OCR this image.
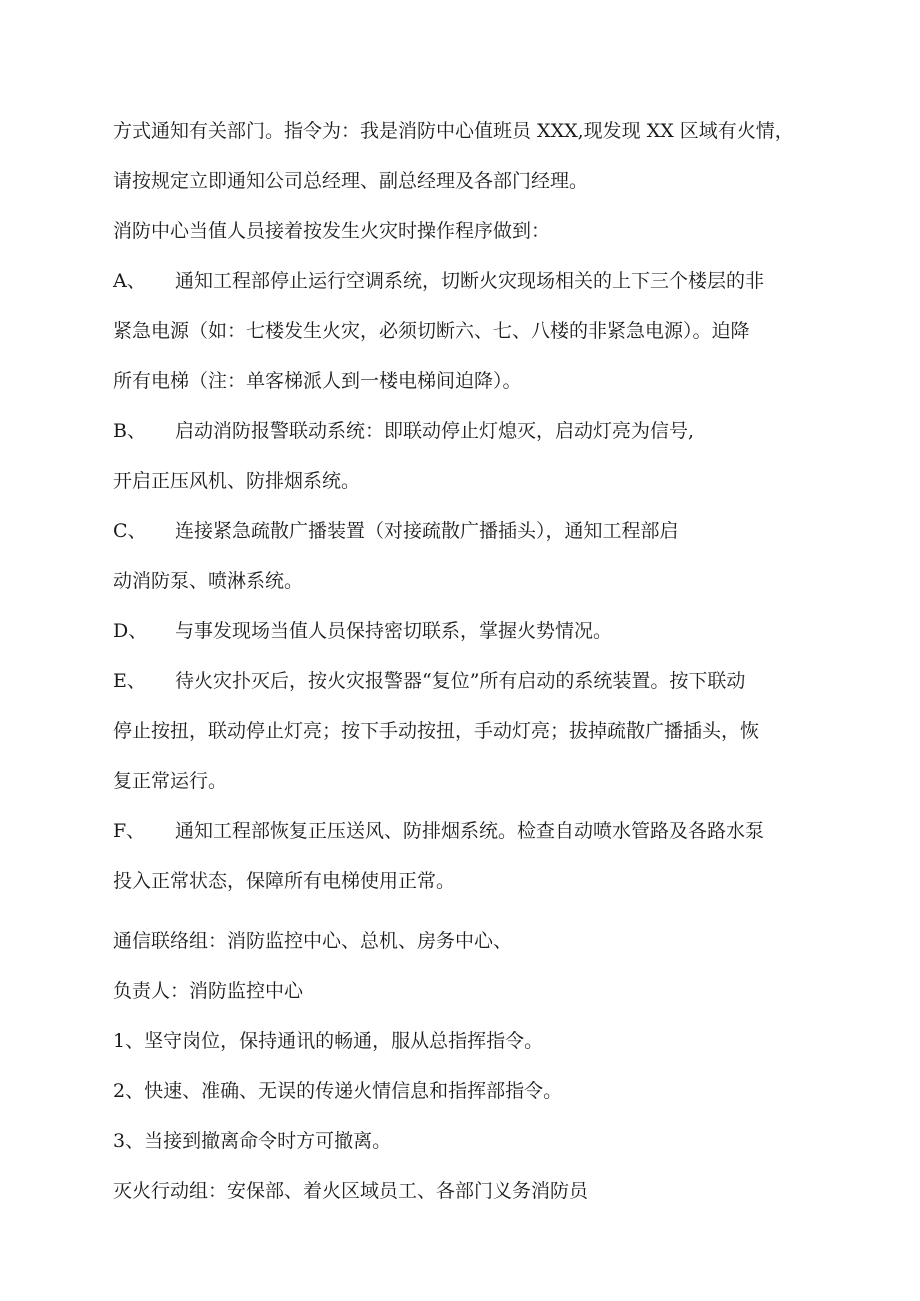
方式通知有关部门。指令为：我是消防中心值班员 XXX,现发现 XX 区域有火情，
请按规定立即通知公司总经理、副总经理及各部门经理。
消防中心当值人员接着按发生火灾时操作程序做到：
A、 通知工程部停止运行空调系统，切断火灾现场相关的上下三个楼层的非
紧急电源（如：七楼发生火灾，必须切断六、七、八楼的非紧急电源）。迫降
所有电梯（注：单客梯派人到一楼电梯间迫降）。
B、 启动消防报警联动系统：即联动停止灯熄灭，启动灯亮为信号,
开启正压风机、防排烟系统。
C、 连接紧急疏散广播装置（对接疏散广播插头），通知工程部启
动消防泵、喷淋系统。
D、 与事发现场当值人员保持密切联系，掌握火势情况。
E、 待火灾扑灭后，按火灾报警器“复位”所有启动的系统装置。按下联动
停止按扭，联动停止灯亮；按下手动按扭，手动灯亮；拔掉疏散广播插头，恢
复正常运行。
F、 通知工程部恢复正压送风、防排烟系统。检查自动喷水管路及各路水泵
投入正常状态，保障所有电梯使用正常。
通信联络组：消防监控中心、总机、房务中心、
负责人：消防监控中心
1、坚守岗位，保持通讯的畅通，服从总指挥指令。
2、快速、准确、无误的传递火情信息和指挥部指令。
3、当接到撤离命令时方可撤离。
灭火行动组：安保部、着火区域员工、各部门义务消防员
